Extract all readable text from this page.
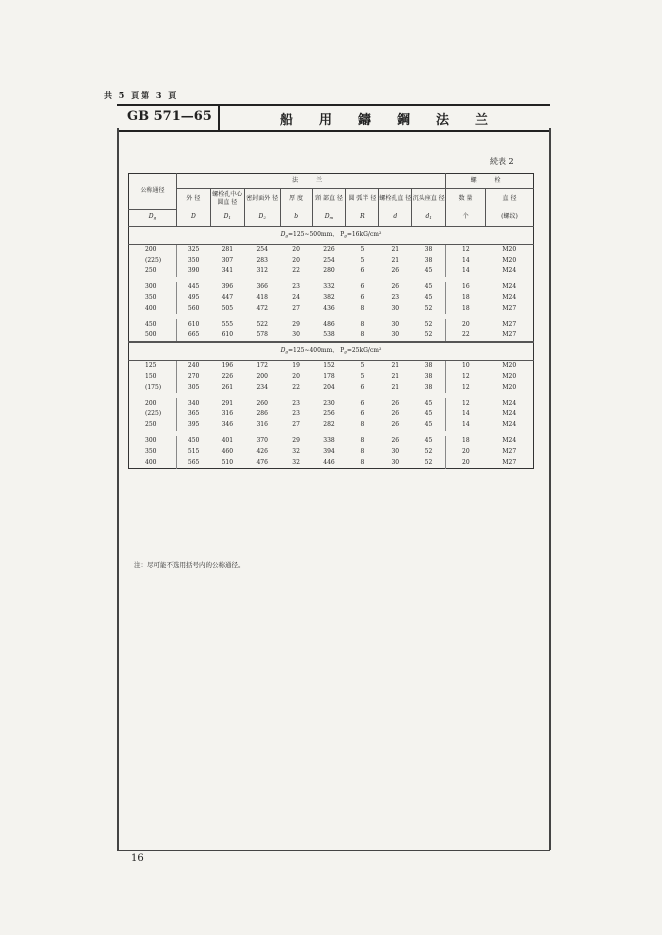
共 5 頁第 3 頁
GB 571—65	船用鑄鋼法兰
続表 2
公称通径	法 兰								螺 栓	
	外 径	螺栓孔中心圆直 径	密封面外 径	厚 度	頸 部直 径	圆 弧半 径	螺栓孔直 径	沉头座直 径	数 量	直 径
$D_g$	D	$D_1$	$D_2$	b	$D_m$	R	d	$d_1$	个	(螺纹)
$D_g=125\sim 500mm$、 $P_g=16kG$/cm²										
200	325	281	254	20	226	5	21	38	12	M20
(225)	350	307	283	20	254	5	21	38	14	M20
250	390	341	312	22	280	6	26	45	14	M24

300	445	396	366	23	332	6	26	45	16	M24
350	495	447	418	24	382	6	23	45	18	M24
400	560	505	472	27	436	8	30	52	18	M27

450	610	555	522	29	486	8	30	52	20	M27
500	665	610	578	30	538	8	30	52	22	M27
$D_g=125\sim 400mm$、 $P_g=25kG$/cm²										
125	240	196	172	19	152	5	21	38	10	M20
150	270	226	200	20	178	5	21	38	12	M20
(175)	305	261	234	22	204	6	21	38	12	M20

200	340	291	260	23	230	6	26	45	12	M24
(225)	365	316	286	23	256	6	26	45	14	M24
250	395	346	316	27	282	8	26	45	14	M24

300	450	401	370	29	338	8	26	45	18	M24
350	515	460	426	32	394	8	30	52	20	M27
400	565	510	476	32	446	8	30	52	20	M27
注：尽可能不选用括号内的公称通径。
16
